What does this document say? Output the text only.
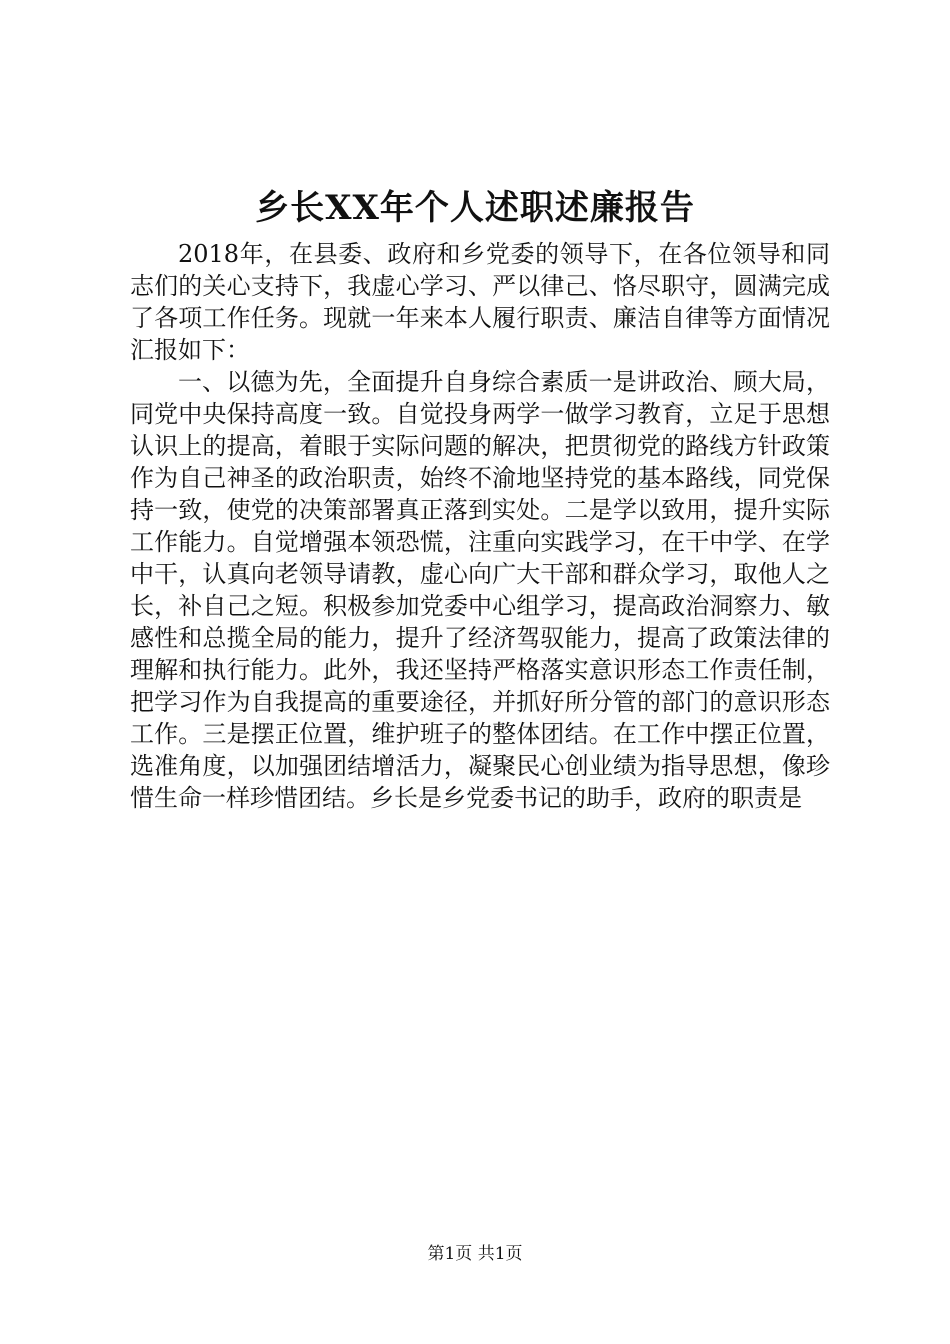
乡长XX年个人述职述廉报告

2018年，在县委、政府和乡党委的领导下，在各位领导和同志们的关心支持下，我虚心学习、严以律己、恪尽职守，圆满完成了各项工作任务。现就一年来本人履行职责、廉洁自律等方面情况汇报如下：

一、以德为先，全面提升自身综合素质一是讲政治、顾大局，同党中央保持高度一致。自觉投身两学一做学习教育，立足于思想认识上的提高，着眼于实际问题的解决，把贯彻党的路线方针政策作为自己神圣的政治职责，始终不渝地坚持党的基本路线，同党保持一致，使党的决策部署真正落到实处。二是学以致用，提升实际工作能力。自觉增强本领恐慌，注重向实践学习，在干中学、在学中干，认真向老领导请教，虚心向广大干部和群众学习，取他人之长，补自己之短。积极参加党委中心组学习，提高政治洞察力、敏感性和总揽全局的能力，提升了经济驾驭能力，提高了政策法律的理解和执行能力。此外，我还坚持严格落实意识形态工作责任制，把学习作为自我提高的重要途径，并抓好所分管的部门的意识形态工作。三是摆正位置，维护班子的整体团结。在工作中摆正位置，选准角度，以加强团结增活力，凝聚民心创业绩为指导思想，像珍惜生命一样珍惜团结。乡长是乡党委书记的助手，政府的职责是

第1页 共1页
